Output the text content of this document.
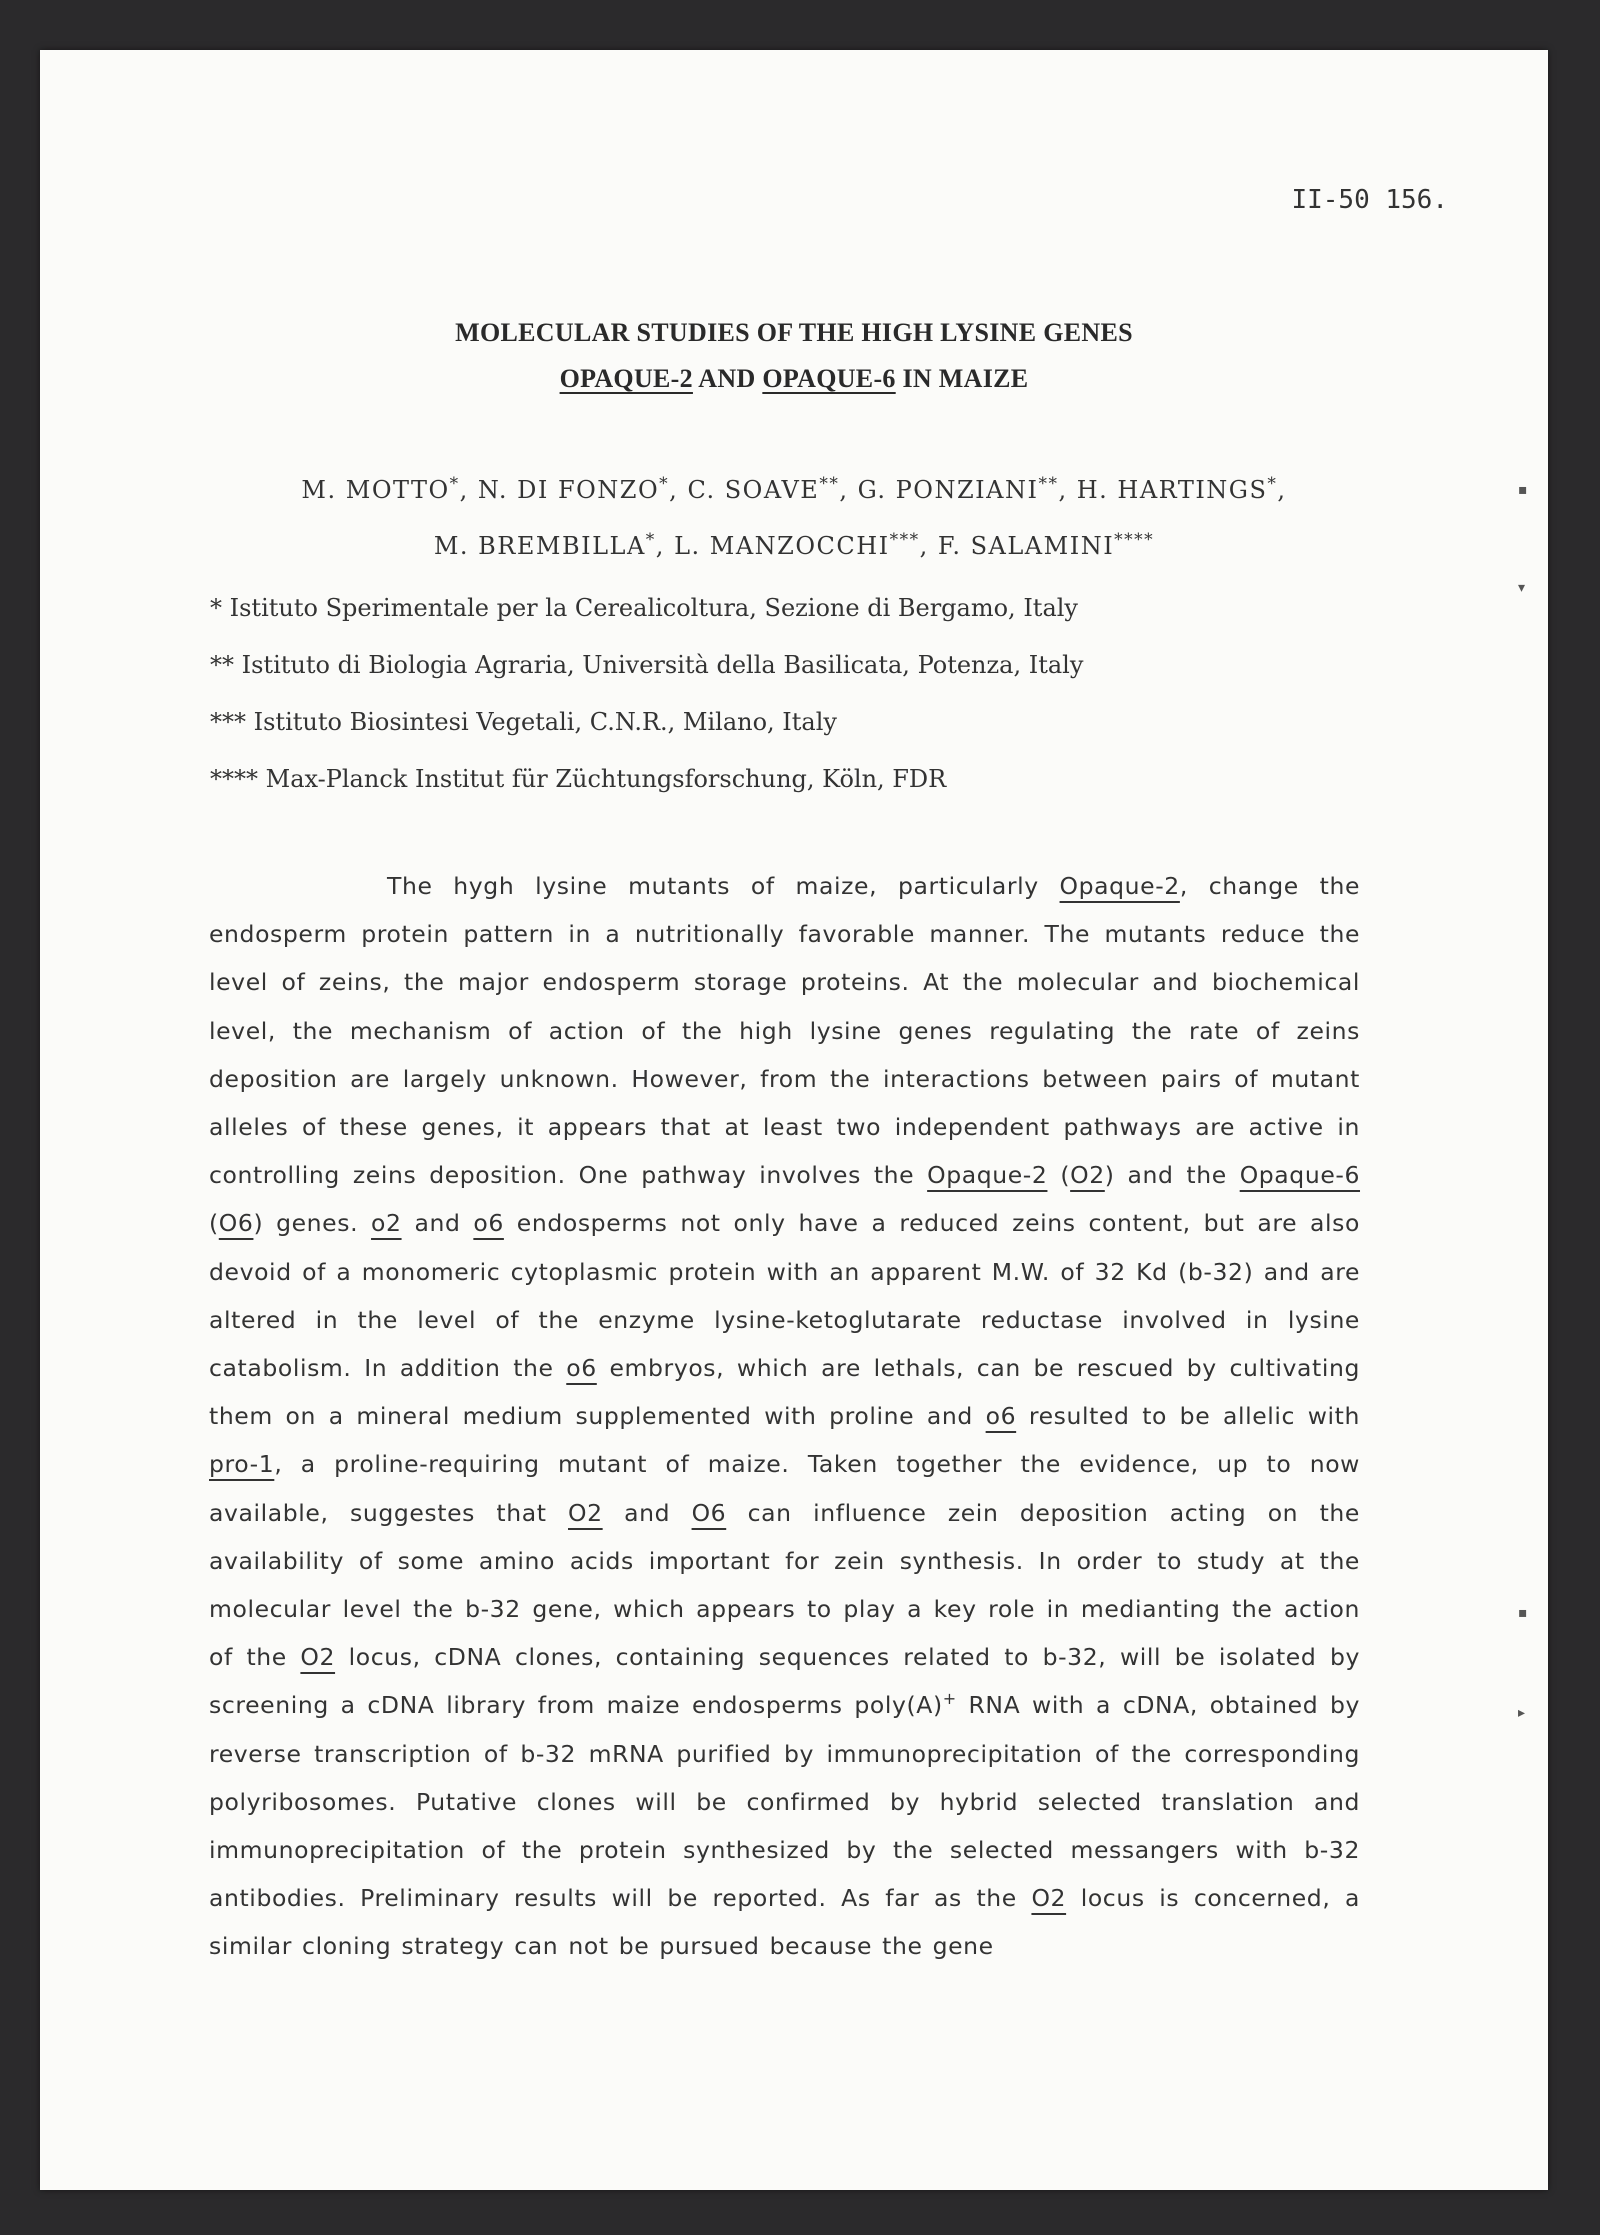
II-50 156.
MOLECULAR STUDIES OF THE HIGH LYSINE GENES
OPAQUE-2 AND OPAQUE-6 IN MAIZE
M. MOTTO*, N. DI FONZO*, C. SOAVE**, G. PONZIANI**, H. HARTINGS*,
M. BREMBILLA*, L. MANZOCCHI***, F. SALAMINI****
* Istituto Sperimentale per la Cerealicoltura, Sezione di Bergamo, Italy
** Istituto di Biologia Agraria, Università della Basilicata, Potenza, Italy
*** Istituto Biosintesi Vegetali, C.N.R., Milano, Italy
**** Max-Planck Institut für Züchtungsforschung, Köln, FDR

The hygh lysine mutants of maize, particularly Opaque-2, change the endosperm protein pattern in a nutritionally favorable manner. The mutants reduce the level of zeins, the major endosperm storage proteins. At the molecular and biochemical level, the mechanism of action of the high lysine genes regulating the rate of zeins deposition are largely unknown. However, from the interactions between pairs of mutant alleles of these genes, it appears that at least two independent pathways are active in controlling zeins deposition. One pathway involves the Opaque-2 (O2) and the Opaque-6 (O6) genes. o2 and o6 endosperms not only have a reduced zeins content, but are also devoid of a monomeric cytoplasmic protein with an apparent M.W. of 32 Kd (b-32) and are altered in the level of the enzyme lysine-ketoglutarate reductase involved in lysine catabolism. In addition the o6 embryos, which are lethals, can be rescued by cultivating them on a mineral medium supplemented with proline and o6 resulted to be allelic with pro-1, a proline-requiring mutant of maize. Taken together the evidence, up to now available, suggestes that O2 and O6 can influence zein deposition acting on the availability of some amino acids important for zein synthesis. In order to study at the molecular level the b-32 gene, which appears to play a key role in medianting the action of the O2 locus, cDNA clones, containing sequences related to b-32, will be isolated by screening a cDNA library from maize endosperms poly(A)+ RNA with a cDNA, obtained by reverse transcription of b-32 mRNA purified by immunoprecipitation of the corresponding polyribosomes. Putative clones will be confirmed by hybrid selected translation and immunoprecipitation of the protein synthesized by the selected messangers with b-32 antibodies. Preliminary results will be reported. As far as the O2 locus is concerned, a similar cloning strategy can not be pursued because the gene

▪
▾
▪
▸
